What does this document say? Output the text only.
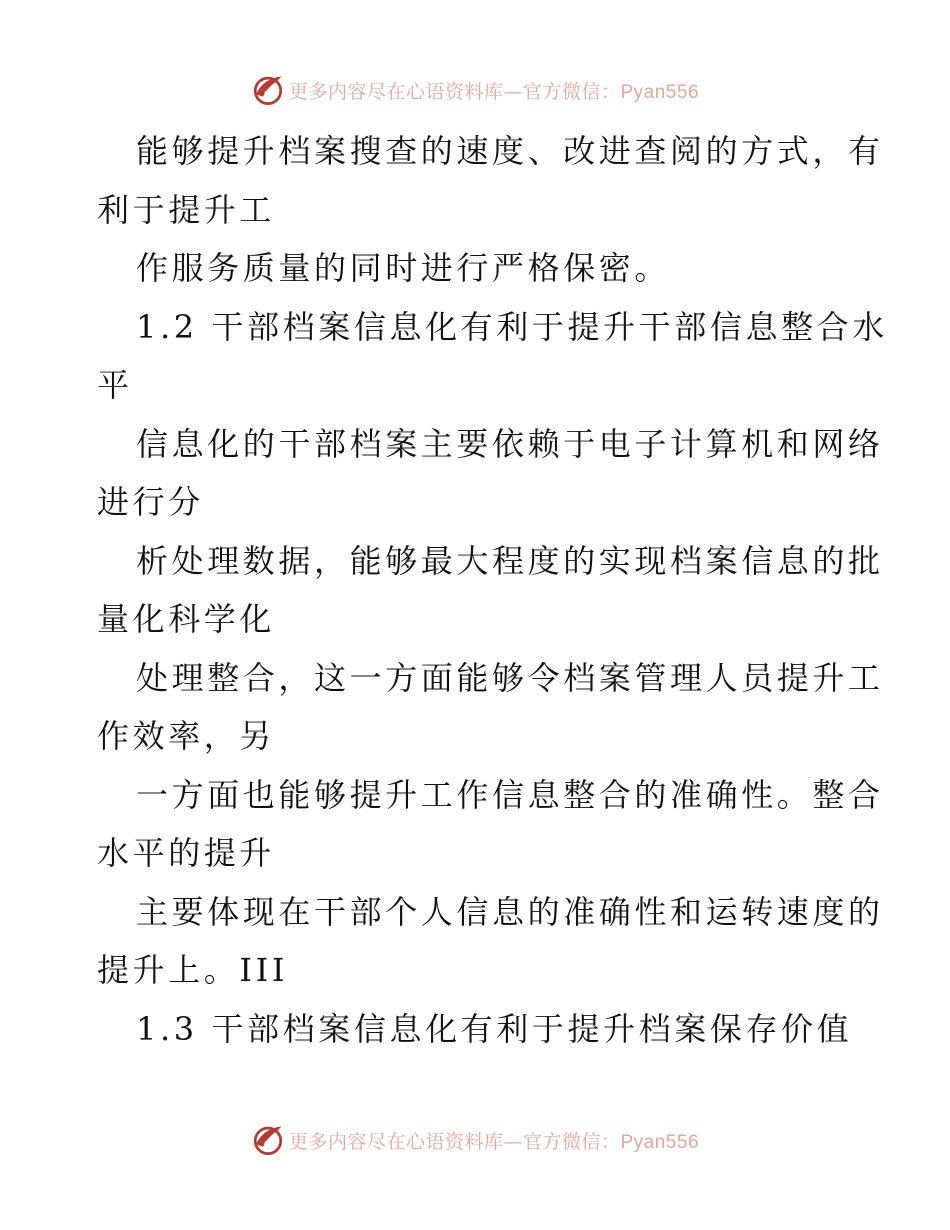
更多内容尽在心语资料库—官方微信：Pyan556
能够提升档案搜查的速度、改进查阅的方式，有
利于提升工
作服务质量的同时进行严格保密。
1.2 干部档案信息化有利于提升干部信息整合水
平
信息化的干部档案主要依赖于电子计算机和网络
进行分
析处理数据，能够最大程度的实现档案信息的批
量化科学化
处理整合，这一方面能够令档案管理人员提升工
作效率，另
一方面也能够提升工作信息整合的准确性。整合
水平的提升
主要体现在干部个人信息的准确性和运转速度的
提升上。III
1.3 干部档案信息化有利于提升档案保存价值
更多内容尽在心语资料库—官方微信：Pyan556
